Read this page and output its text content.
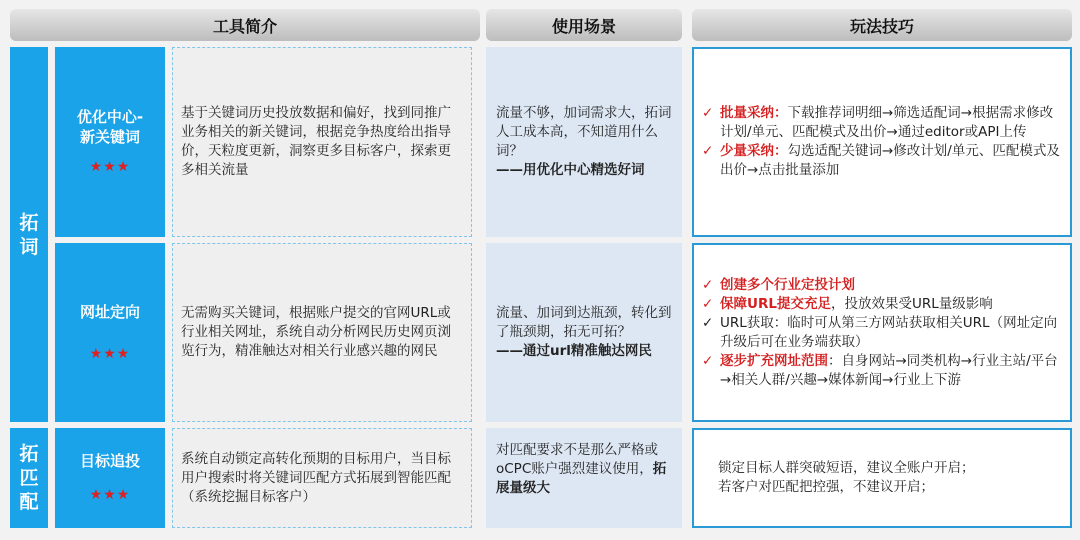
工具简介	使用场景	玩法技巧
拓
词
拓
匹
配
优化中心-
新关键词
★★★
基于关键词历史投放数据和偏好，找到同推广业务相关的新关键词，根据竞争热度给出指导价，天粒度更新，洞察更多目标客户，探索更多相关流量
流量不够，加词需求大，拓词人工成本高，不知道用什么词？
——用优化中心精选好词
✓ 批量采纳：下载推荐词明细→筛选适配词→根据需求修改计划/单元、匹配模式及出价→通过editor或API上传
✓ 少量采纳：勾选适配关键词→修改计划/单元、匹配模式及出价→点击批量添加
网址定向
★★★
无需购买关键词，根据账户提交的官网URL或行业相关网址，系统自动分析网民历史网页浏览行为，精准触达对相关行业感兴趣的网民
流量、加词到达瓶颈，转化到了瓶颈期，拓无可拓？
——通过url精准触达网民
✓ 创建多个行业定投计划
✓ 保障URL提交充足，投放效果受URL量级影响
✓ URL获取：临时可从第三方网站获取相关URL（网址定向升级后可在业务端获取）
✓ 逐步扩充网址范围：自身网站→同类机构→行业主站/平台→相关人群/兴趣→媒体新闻→行业上下游
目标追投
★★★
系统自动锁定高转化预期的目标用户，当目标用户搜索时将关键词匹配方式拓展到智能匹配（系统挖掘目标客户）
对匹配要求不是那么严格或oCPC账户强烈建议使用，拓展量级大
锁定目标人群突破短语，建议全账户开启；
若客户对匹配把控强，不建议开启；
